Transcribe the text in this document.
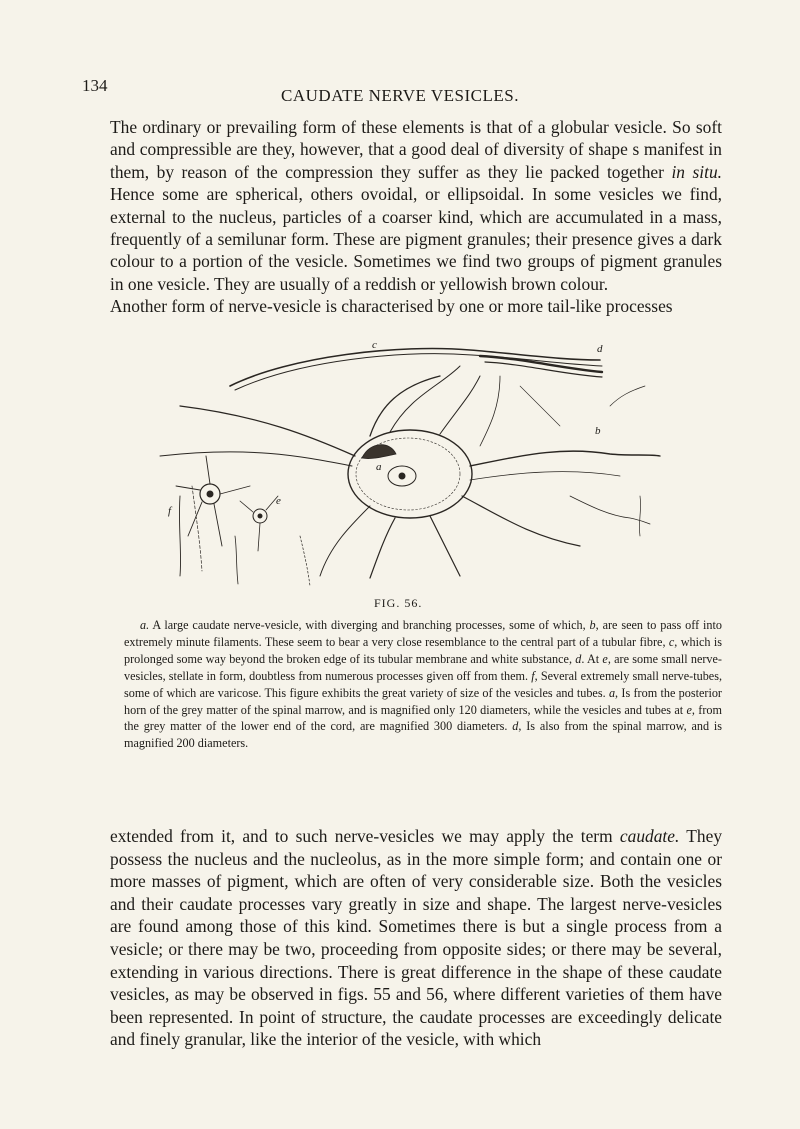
134
CAUDATE NERVE VESICLES.

The ordinary or prevailing form of these elements is that of a globular vesicle. So soft and compressible are they, however, that a good deal of diversity of shape s manifest in them, by reason of the compression they suffer as they lie packed together in situ. Hence some are spherical, others ovoidal, or ellipsoidal. In some vesicles we find, external to the nucleus, particles of a coarser kind, which are accumulated in a mass, frequently of a semilunar form. These are pigment granules; their presence gives a dark colour to a portion of the vesicle. Sometimes we find two groups of pigment granules in one vesicle. They are usually of a reddish or yellowish brown colour.

Another form of nerve-vesicle is characterised by one or more tail-like processes

c	d
a
b
e
f
FIG. 56.

a. A large caudate nerve-vesicle, with diverging and branching processes, some of which, b, are seen to pass off into extremely minute filaments. These seem to bear a very close resemblance to the central part of a tubular fibre, c, which is prolonged some way beyond the broken edge of its tubular membrane and white substance, d. At e, are some small nerve-vesicles, stellate in form, doubtless from numerous processes given off from them. f, Several extremely small nerve-tubes, some of which are varicose. This figure exhibits the great variety of size of the vesicles and tubes. a, Is from the posterior horn of the grey matter of the spinal marrow, and is magnified only 120 diameters, while the vesicles and tubes at e, from the grey matter of the lower end of the cord, are magnified 300 diameters. d, Is also from the spinal marrow, and is magnified 200 diameters.

extended from it, and to such nerve-vesicles we may apply the term caudate. They possess the nucleus and the nucleolus, as in the more simple form; and contain one or more masses of pigment, which are often of very considerable size. Both the vesicles and their caudate processes vary greatly in size and shape. The largest nerve-vesicles are found among those of this kind. Sometimes there is but a single process from a vesicle; or there may be two, proceeding from opposite sides; or there may be several, extending in various directions. There is great difference in the shape of these caudate vesicles, as may be observed in figs. 55 and 56, where different varieties of them have been represented. In point of structure, the caudate processes are exceedingly delicate and finely granular, like the interior of the vesicle, with which
